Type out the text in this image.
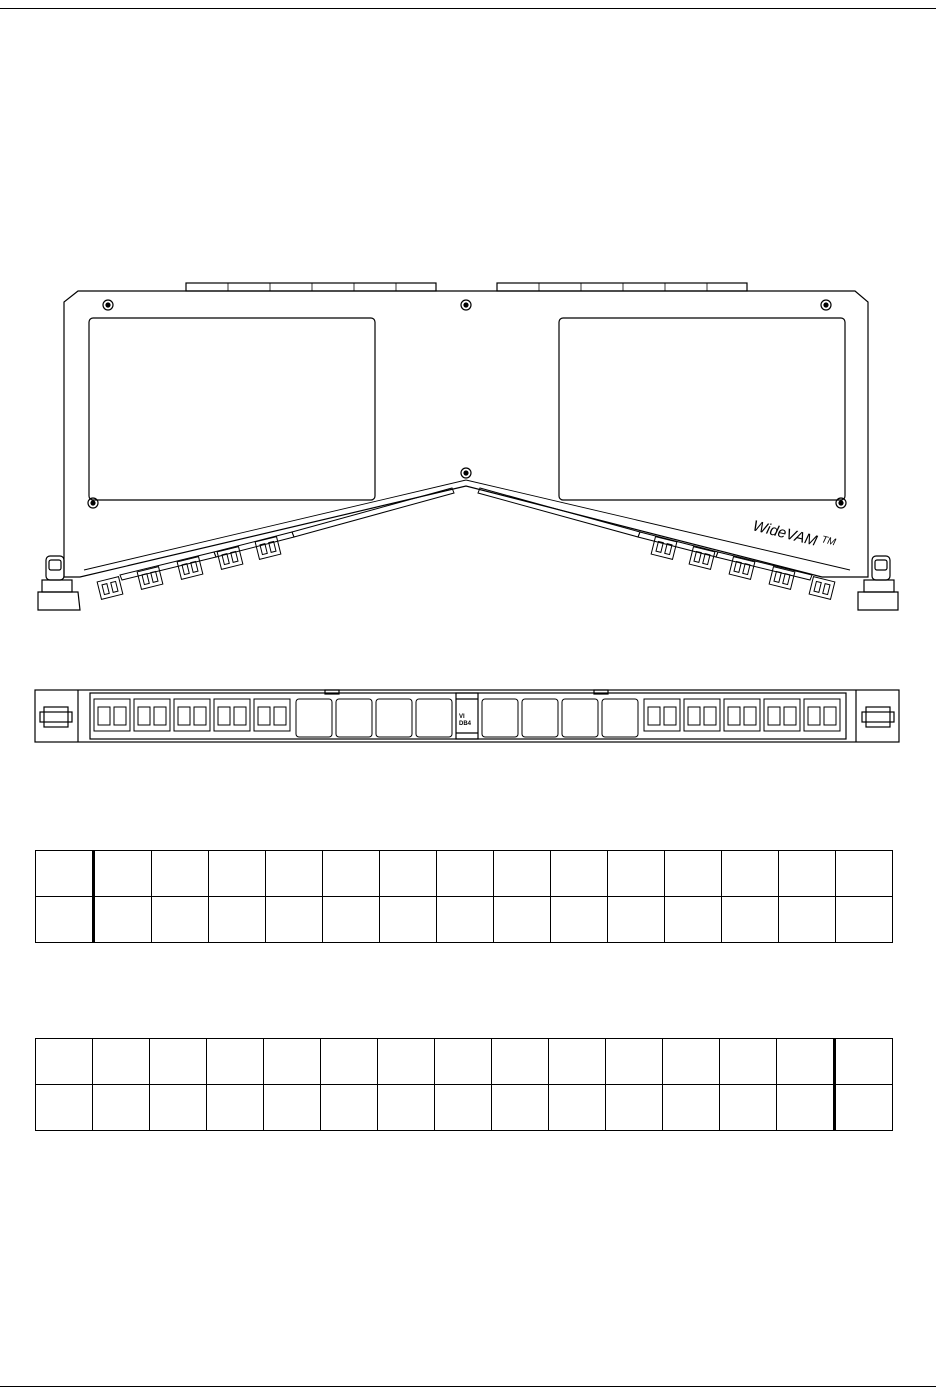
WideVAM™
VI DB4
